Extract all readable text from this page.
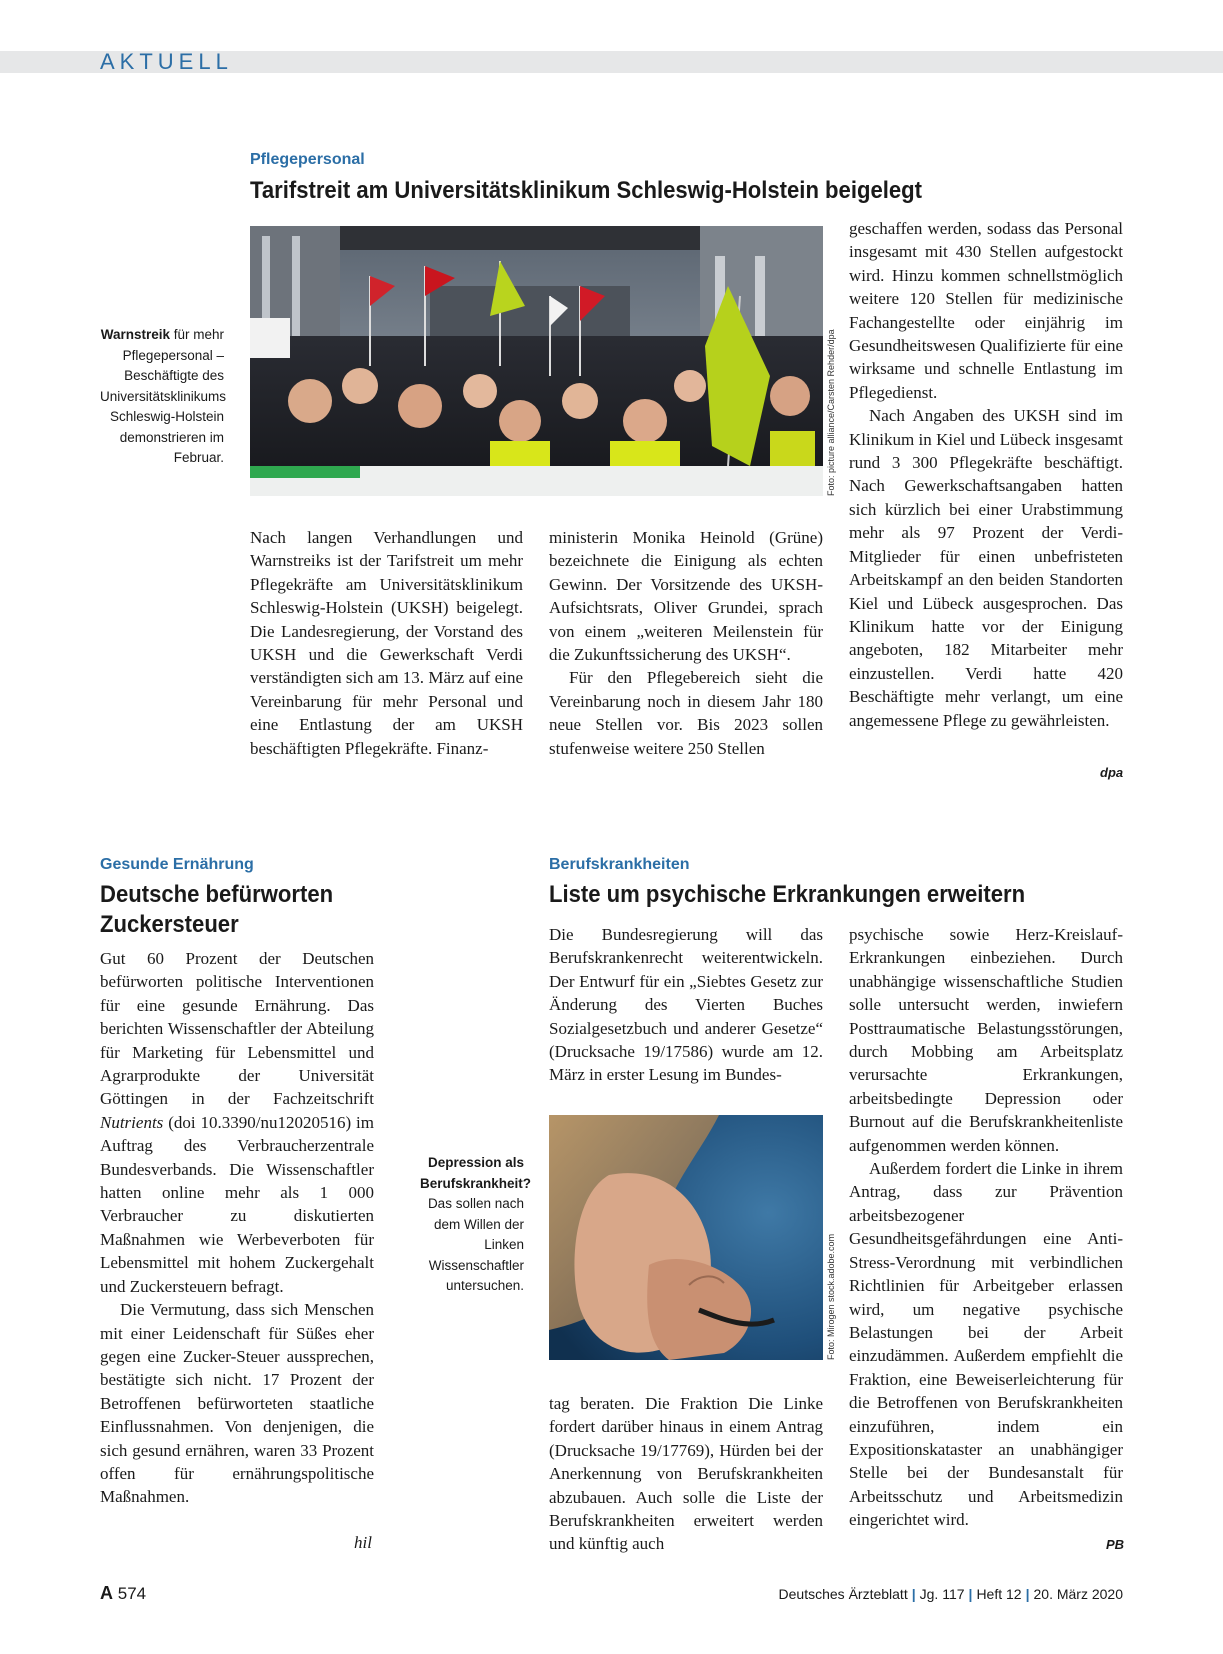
AKTUELL
Pflegepersonal
Tarifstreit am Universitätsklinikum Schleswig-Holstein beigelegt
Warnstreik für mehr Pflegepersonal – Beschäftigte des Universitätsklinikums Schleswig-Holstein demonstrieren im Februar.	Foto: picture alliance/Carsten Rehder/dpa

Nach langen Verhandlungen und Warnstreiks ist der Tarifstreit um mehr Pflegekräfte am Universitätsklinikum Schleswig-Holstein (UKSH) beigelegt. Die Landesregierung, der Vorstand des UKSH und die Gewerkschaft Verdi verständigten sich am 13. März auf eine Vereinbarung für mehr Personal und eine Entlastung der am UKSH beschäftigten Pflegekräfte. Finanz-

ministerin Monika Heinold (Grüne) bezeichnete die Einigung als echten Gewinn. Der Vorsitzende des UKSH-Aufsichtsrats, Oliver Grundei, sprach von einem „weiteren Meilenstein für die Zukunftssicherung des UKSH“.

Für den Pflegebereich sieht die Vereinbarung noch in diesem Jahr 180 neue Stellen vor. Bis 2023 sollen stufenweise weitere 250 Stellen

geschaffen werden, sodass das Personal insgesamt mit 430 Stellen aufgestockt wird. Hinzu kommen schnellstmöglich weitere 120 Stellen für medizinische Fachangestellte oder einjährig im Gesundheitswesen Qualifizierte für eine wirksame und schnelle Entlastung im Pflegedienst.

Nach Angaben des UKSH sind im Klinikum in Kiel und Lübeck insgesamt rund 3 300 Pflegekräfte beschäftigt. Nach Gewerkschaftsangaben hatten sich kürzlich bei einer Urabstimmung mehr als 97 Prozent der Verdi-Mitglieder für einen unbefristeten Arbeitskampf an den beiden Standorten Kiel und Lübeck ausgesprochen. Das Klinikum hatte vor der Einigung angeboten, 182 Mitarbeiter mehr einzustellen. Verdi hatte 420 Beschäftigte mehr verlangt, um eine angemessene Pflege zu gewährleisten.

dpa
Gesunde Ernährung
Deutsche befürworten Zuckersteuer

Gut 60 Prozent der Deutschen befürworten politische Interventionen für eine gesunde Ernährung. Das berichten Wissenschaftler der Abteilung für Marketing für Lebensmittel und Agrarprodukte der Universität Göttingen in der Fachzeitschrift Nutrients (doi 10.3390/nu12020516) im Auftrag des Verbraucherzentrale Bundesverbands. Die Wissenschaftler hatten online mehr als 1 000 Verbraucher zu diskutierten Maßnahmen wie Werbeverboten für Lebensmittel mit hohem Zuckergehalt und Zuckersteuern befragt.

Die Vermutung, dass sich Menschen mit einer Leidenschaft für Süßes eher gegen eine Zucker-Steuer aussprechen, bestätigte sich nicht. 17 Prozent der Betroffenen befürworteten staatliche Einflussnahmen. Von denjenigen, die sich gesund ernähren, waren 33 Prozent offen für ernährungspolitische Maßnahmen.

hil
Berufskrankheiten
Liste um psychische Erkrankungen erweitern

Die Bundesregierung will das Berufskrankenrecht weiterentwickeln. Der Entwurf für ein „Siebtes Gesetz zur Änderung des Vierten Buches Sozialgesetzbuch und anderer Gesetze“ (Drucksache 19/17586) wurde am 12. März in erster Lesung im Bundes-

Foto: Mirogen stock.adobe.com
Depression als Berufskrankheit? Das sollen nach dem Willen der Linken Wissenschaftler untersuchen.

tag beraten. Die Fraktion Die Linke fordert darüber hinaus in einem Antrag (Drucksache 19/17769), Hürden bei der Anerkennung von Berufskrankheiten abzubauen. Auch solle die Liste der Berufskrankheiten erweitert werden und künftig auch

psychische sowie Herz-Kreislauf-Erkrankungen einbeziehen. Durch unabhängige wissenschaftliche Studien solle untersucht werden, inwiefern Posttraumatische Belastungsstörungen, durch Mobbing am Arbeitsplatz verursachte Erkrankungen, arbeitsbedingte Depression oder Burnout auf die Berufskrankheitenliste aufgenommen werden können.

Außerdem fordert die Linke in ihrem Antrag, dass zur Prävention arbeitsbezogener Gesundheitsgefährdungen eine Anti-Stress-Verordnung mit verbindlichen Richtlinien für Arbeitgeber erlassen wird, um negative psychische Belastungen bei der Arbeit einzudämmen. Außerdem empfiehlt die Fraktion, eine Beweiserleichterung für die Betroffenen von Berufskrankheiten einzuführen, indem ein Expositionskataster an unabhängiger Stelle bei der Bundesanstalt für Arbeitsschutz und Arbeitsmedizin eingerichtet wird.

PB
A 574	Deutsches Ärzteblatt | Jg. 117 | Heft 12 | 20. März 2020
